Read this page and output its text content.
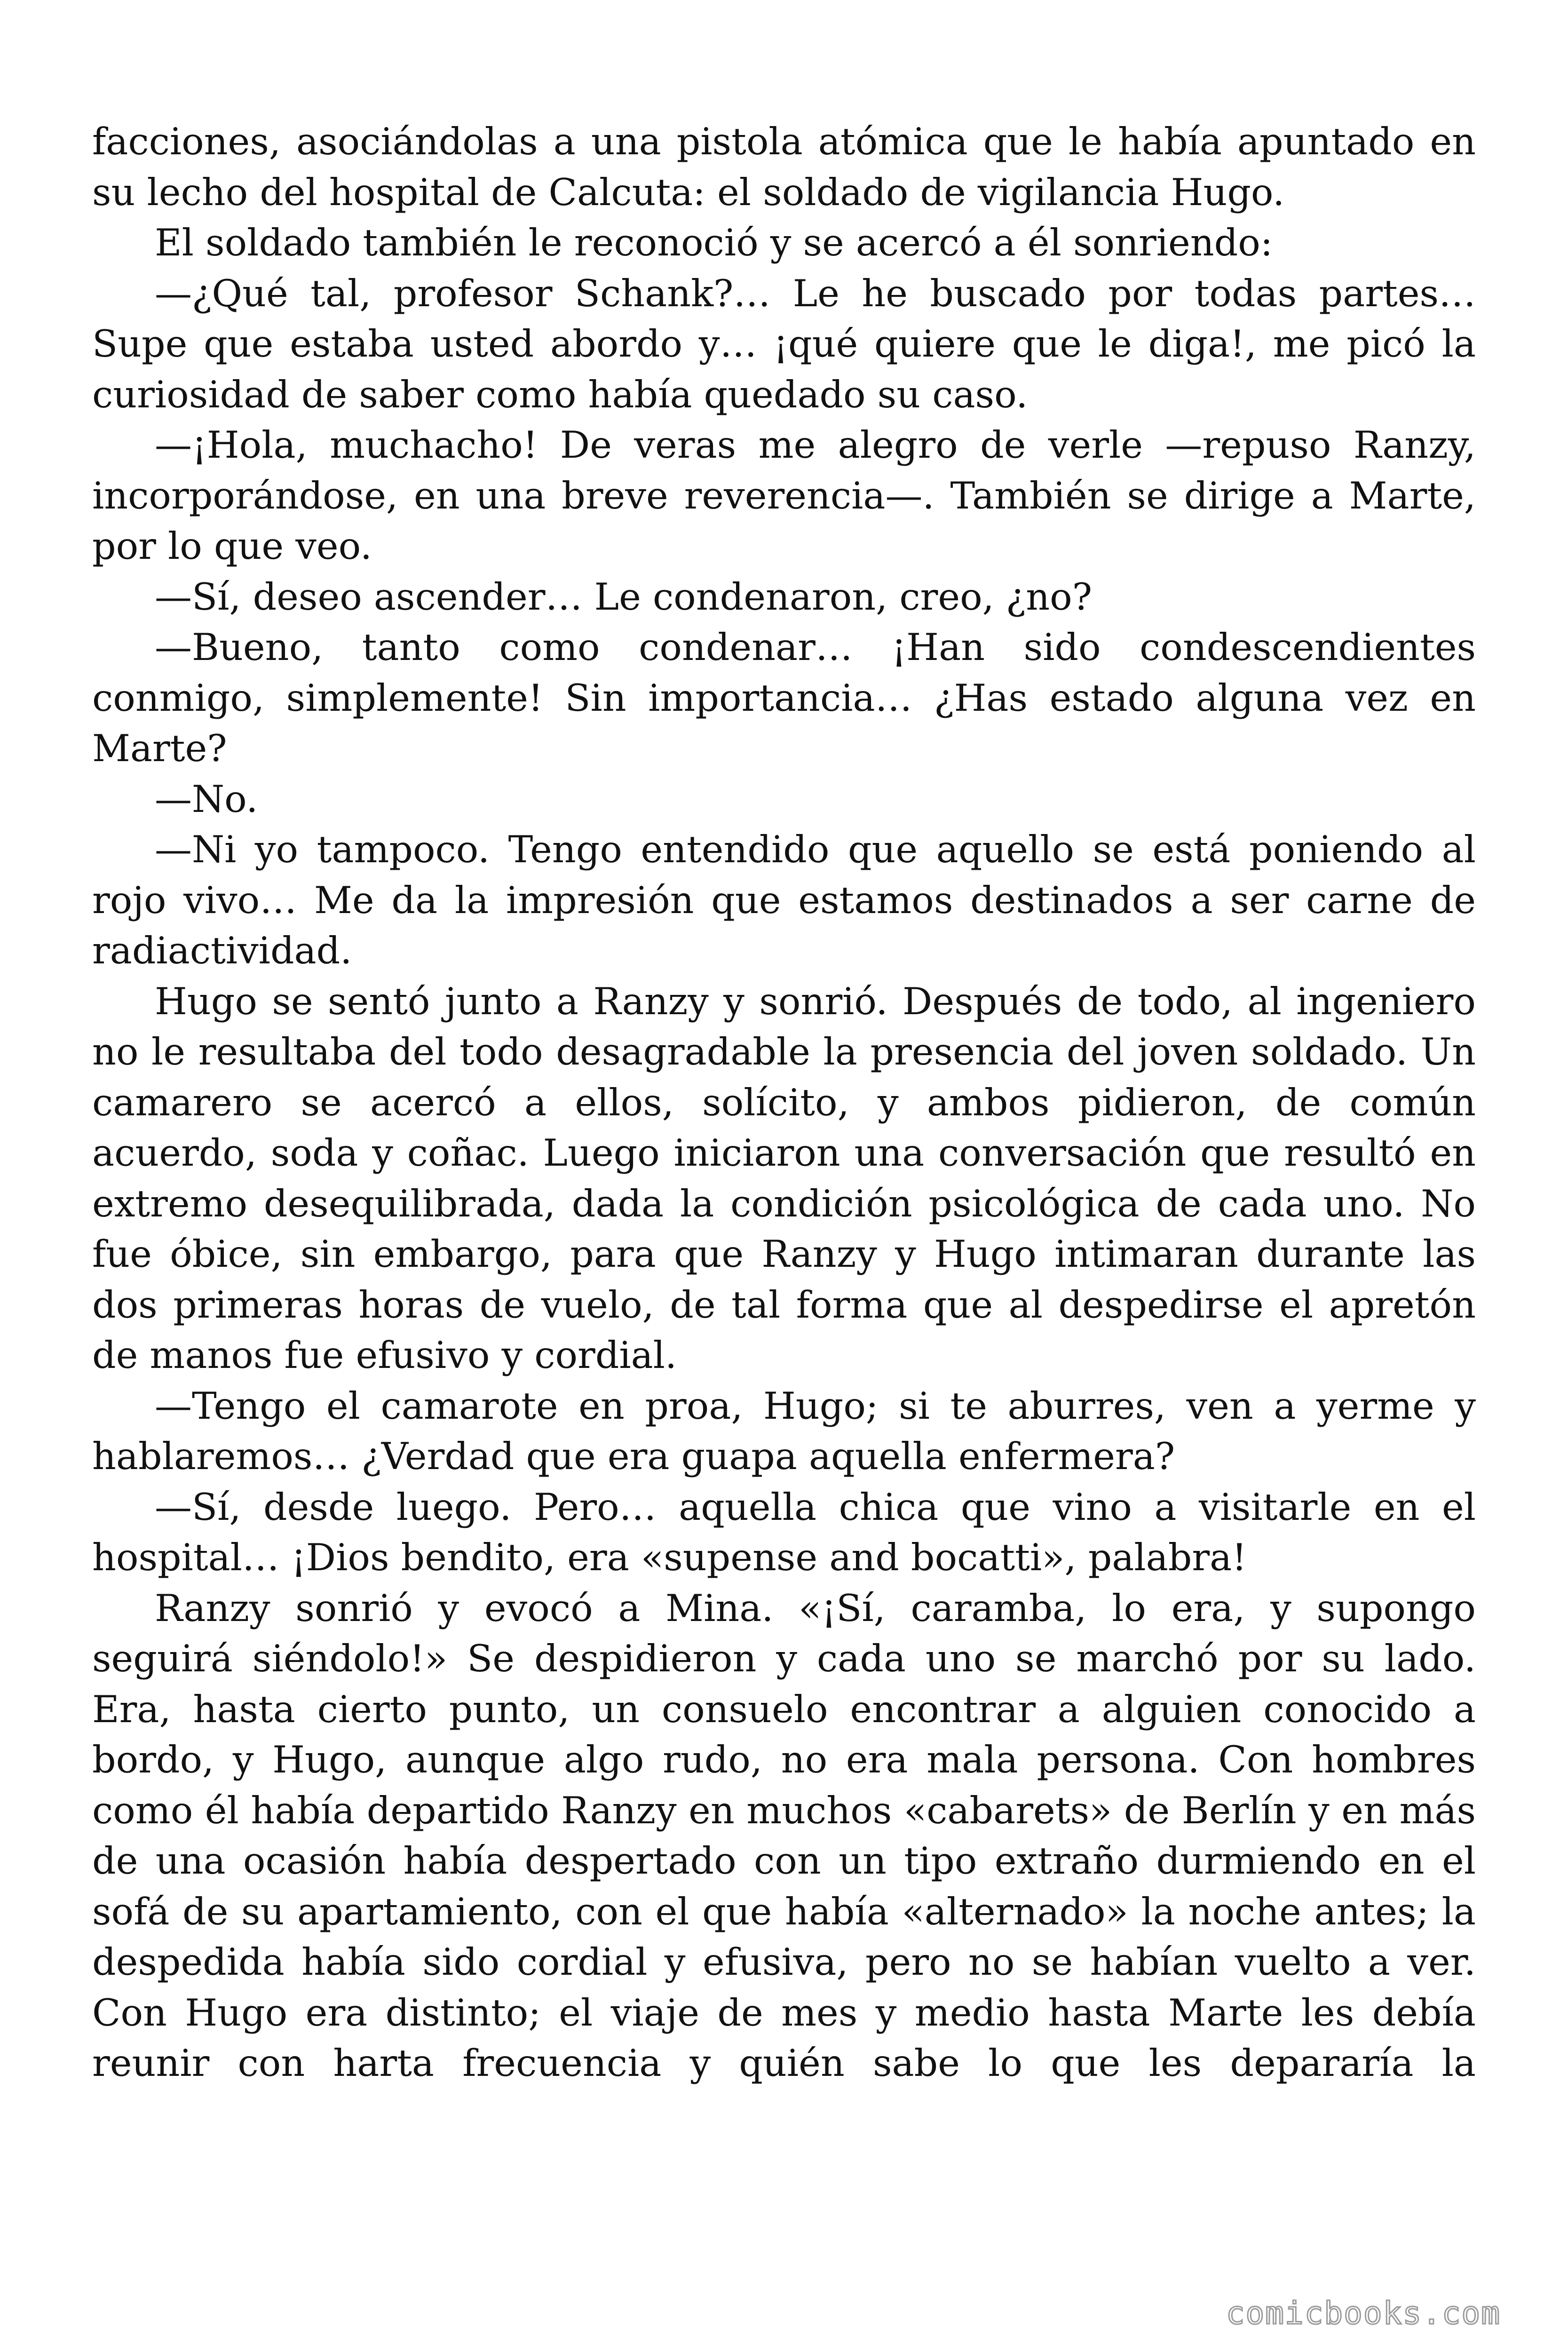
facciones, asociándolas a una pistola atómica que le había apuntado en su lecho del hospital de Calcuta: el soldado de vigilancia Hugo.

El soldado también le reconoció y se acercó a él sonriendo:

—¿Qué tal, profesor Schank?… Le he buscado por todas partes… Supe que estaba usted abordo y… ¡qué quiere que le diga!, me picó la curiosidad de saber como había quedado su caso.

—¡Hola, muchacho! De veras me alegro de verle —repuso Ranzy, incorporándose, en una breve reverencia—. También se dirige a Marte, por lo que veo.

—Sí, deseo ascender… Le condenaron, creo, ¿no?

—Bueno, tanto como condenar… ¡Han sido condescendientes conmigo, simplemente! Sin importancia… ¿Has estado alguna vez en Marte?

—No.

—Ni yo tampoco. Tengo entendido que aquello se está poniendo al rojo vivo… Me da la impresión que estamos destinados a ser carne de radiactividad.

Hugo se sentó junto a Ranzy y sonrió. Después de todo, al ingeniero no le resultaba del todo desagradable la presencia del joven soldado. Un camarero se acercó a ellos, solícito, y ambos pidieron, de común acuerdo, soda y coñac. Luego iniciaron una conversación que resultó en extremo desequilibrada, dada la condición psicológica de cada uno. No fue óbice, sin embargo, para que Ranzy y Hugo intimaran durante las dos primeras horas de vuelo, de tal forma que al despedirse el apretón de manos fue efusivo y cordial.

—Tengo el camarote en proa, Hugo; si te aburres, ven a yerme y hablaremos… ¿Verdad que era guapa aquella enfermera?

—Sí, desde luego. Pero… aquella chica que vino a visitarle en el hospital… ¡Dios bendito, era «supense and bocatti», palabra!

Ranzy sonrió y evocó a Mina. «¡Sí, caramba, lo era, y supongo seguirá siéndolo!» Se despidieron y cada uno se marchó por su lado. Era, hasta cierto punto, un consuelo encontrar a alguien conocido a bordo, y Hugo, aunque algo rudo, no era mala persona. Con hombres como él había departido Ranzy en muchos «cabarets» de Berlín y en más de una ocasión había despertado con un tipo extraño durmiendo en el sofá de su apartamiento, con el que había «alternado» la noche antes; la despedida había sido cordial y efusiva, pero no se habían vuelto a ver. Con Hugo era distinto; el viaje de mes y medio hasta Marte les debía reunir con harta frecuencia y quién sabe lo que les depararía la

comicbooks.com
